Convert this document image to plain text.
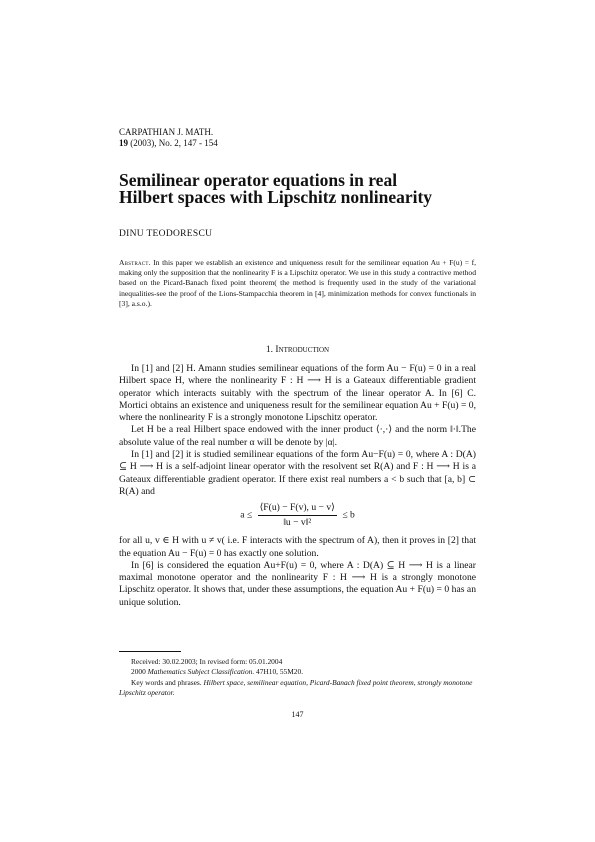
CARPATHIAN J. MATH.
19 (2003), No. 2, 147 - 154
Semilinear operator equations in real
Hilbert spaces with Lipschitz nonlinearity
DINU TEODORESCU
Abstract. In this paper we establish an existence and uniqueness result for the semilinear equation Au + F(u) = f, making only the supposition that the nonlinearity F is a Lipschitz operator. We use in this study a contractive method based on the Picard-Banach fixed point theorem( the method is frequently used in the study of the variational inequalities-see the proof of the Lions-Stampacchia theorem in [4], minimization methods for convex functionals in [3], a.s.o.).
1. Introduction

In [1] and [2] H. Amann studies semilinear equations of the form Au − F(u) = 0 in a real Hilbert space H, where the nonlinearity F : H ⟶ H is a Gateaux differentiable gradient operator which interacts suitably with the spectrum of the linear operator A. In [6] C. Mortici obtains an existence and uniqueness result for the semilinear equation Au + F(u) = 0, where the nonlinearity F is a strongly monotone Lipschitz operator.

Let H be a real Hilbert space endowed with the inner product ⟨·,·⟩ and the norm ‖·‖.The absolute value of the real number α will be denote by |α|.

In [1] and [2] it is studied semilinear equations of the form Au−F(u) = 0, where A : D(A) ⊆ H ⟶ H is a self-adjoint linear operator with the resolvent set R(A) and F : H ⟶ H is a Gateaux differentiable gradient operator. If there exist real numbers a < b such that [a, b] ⊂ R(A) and

$a \le \frac{⟨F(u) - F(v), u - v⟩}{\text{‖u − v‖²}} \le b$

for all u, v ∈ H with u ≠ v( i.e. F interacts with the spectrum of A), then it proves in [2] that the equation Au − F(u) = 0 has exactly one solution.

In [6] is considered the equation Au+F(u) = 0, where A : D(A) ⊆ H ⟶ H is a linear maximal monotone operator and the nonlinearity F : H ⟶ H is a strongly monotone Lipschitz operator. It shows that, under these assumptions, the equation Au + F(u) = 0 has an unique solution.

Received: 30.02.2003; In revised form: 05.01.2004
2000 Mathematics Subject Classification. 47H10, 55M20.
Key words and phrases. Hilbert space, semilinear equation, Picard-Banach fixed point theorem, strongly monotone Lipschitz operator.
147
